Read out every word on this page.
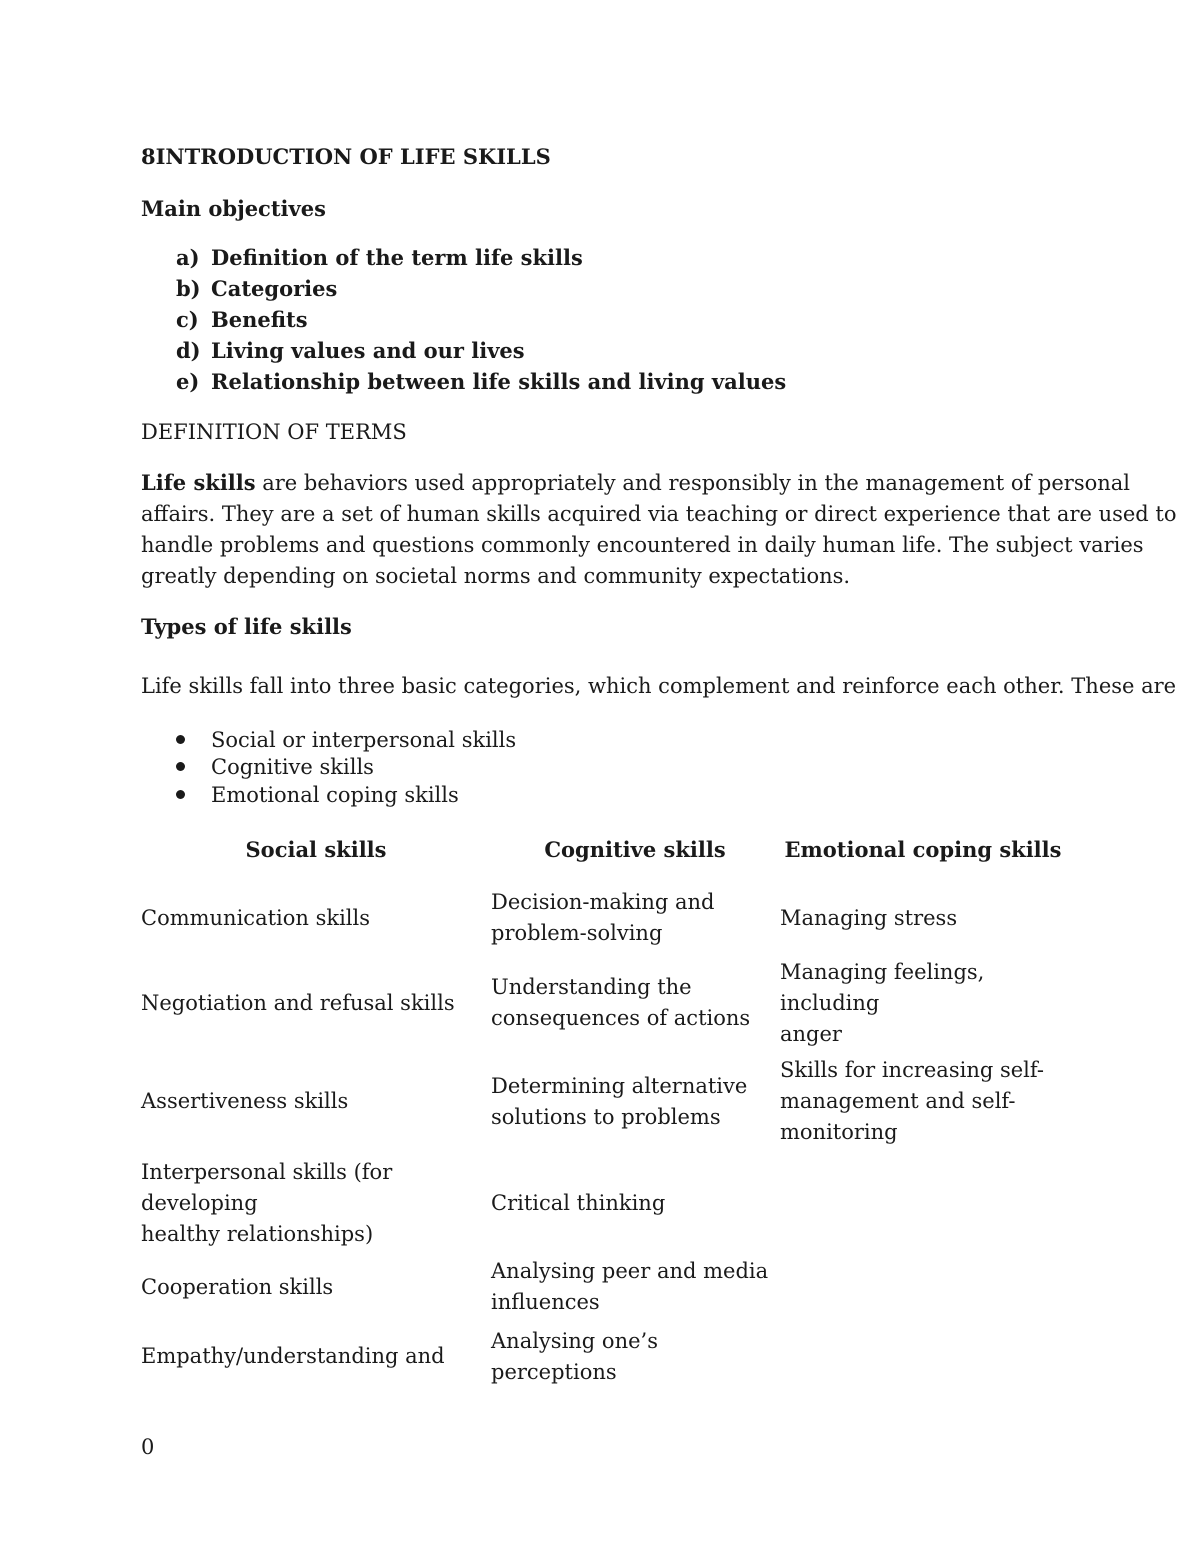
8INTRODUCTION OF LIFE SKILLS
Main objectives
a) Definition of the term life skills
b) Categories
c) Benefits
d) Living values and our lives
e) Relationship between life skills and living values
DEFINITION OF TERMS

Life skills are behaviors used appropriately and responsibly in the management of personal

affairs. They are a set of human skills acquired via teaching or direct experience that are used to

handle problems and questions commonly encountered in daily human life. The subject varies

greatly depending on societal norms and community expectations.

Types of life skills
Life skills fall into three basic categories, which complement and reinforce each other. These are
Social or interpersonal skills
Cognitive skills
Emotional coping skills
Social skills	Cognitive skills	Emotional coping skills
Communication skills
Decision-making and
problem-solving
Managing stress
Negotiation and refusal skills
Understanding the
consequences of actions
Managing feelings, including
anger
Assertiveness skills
Determining alternative
solutions to problems
Skills for increasing self-
management and self-
monitoring
Interpersonal skills (for developing
healthy relationships)
Critical thinking
Cooperation skills
Analysing peer and media
influences
Empathy/understanding and
Analysing one’s perceptions
0
